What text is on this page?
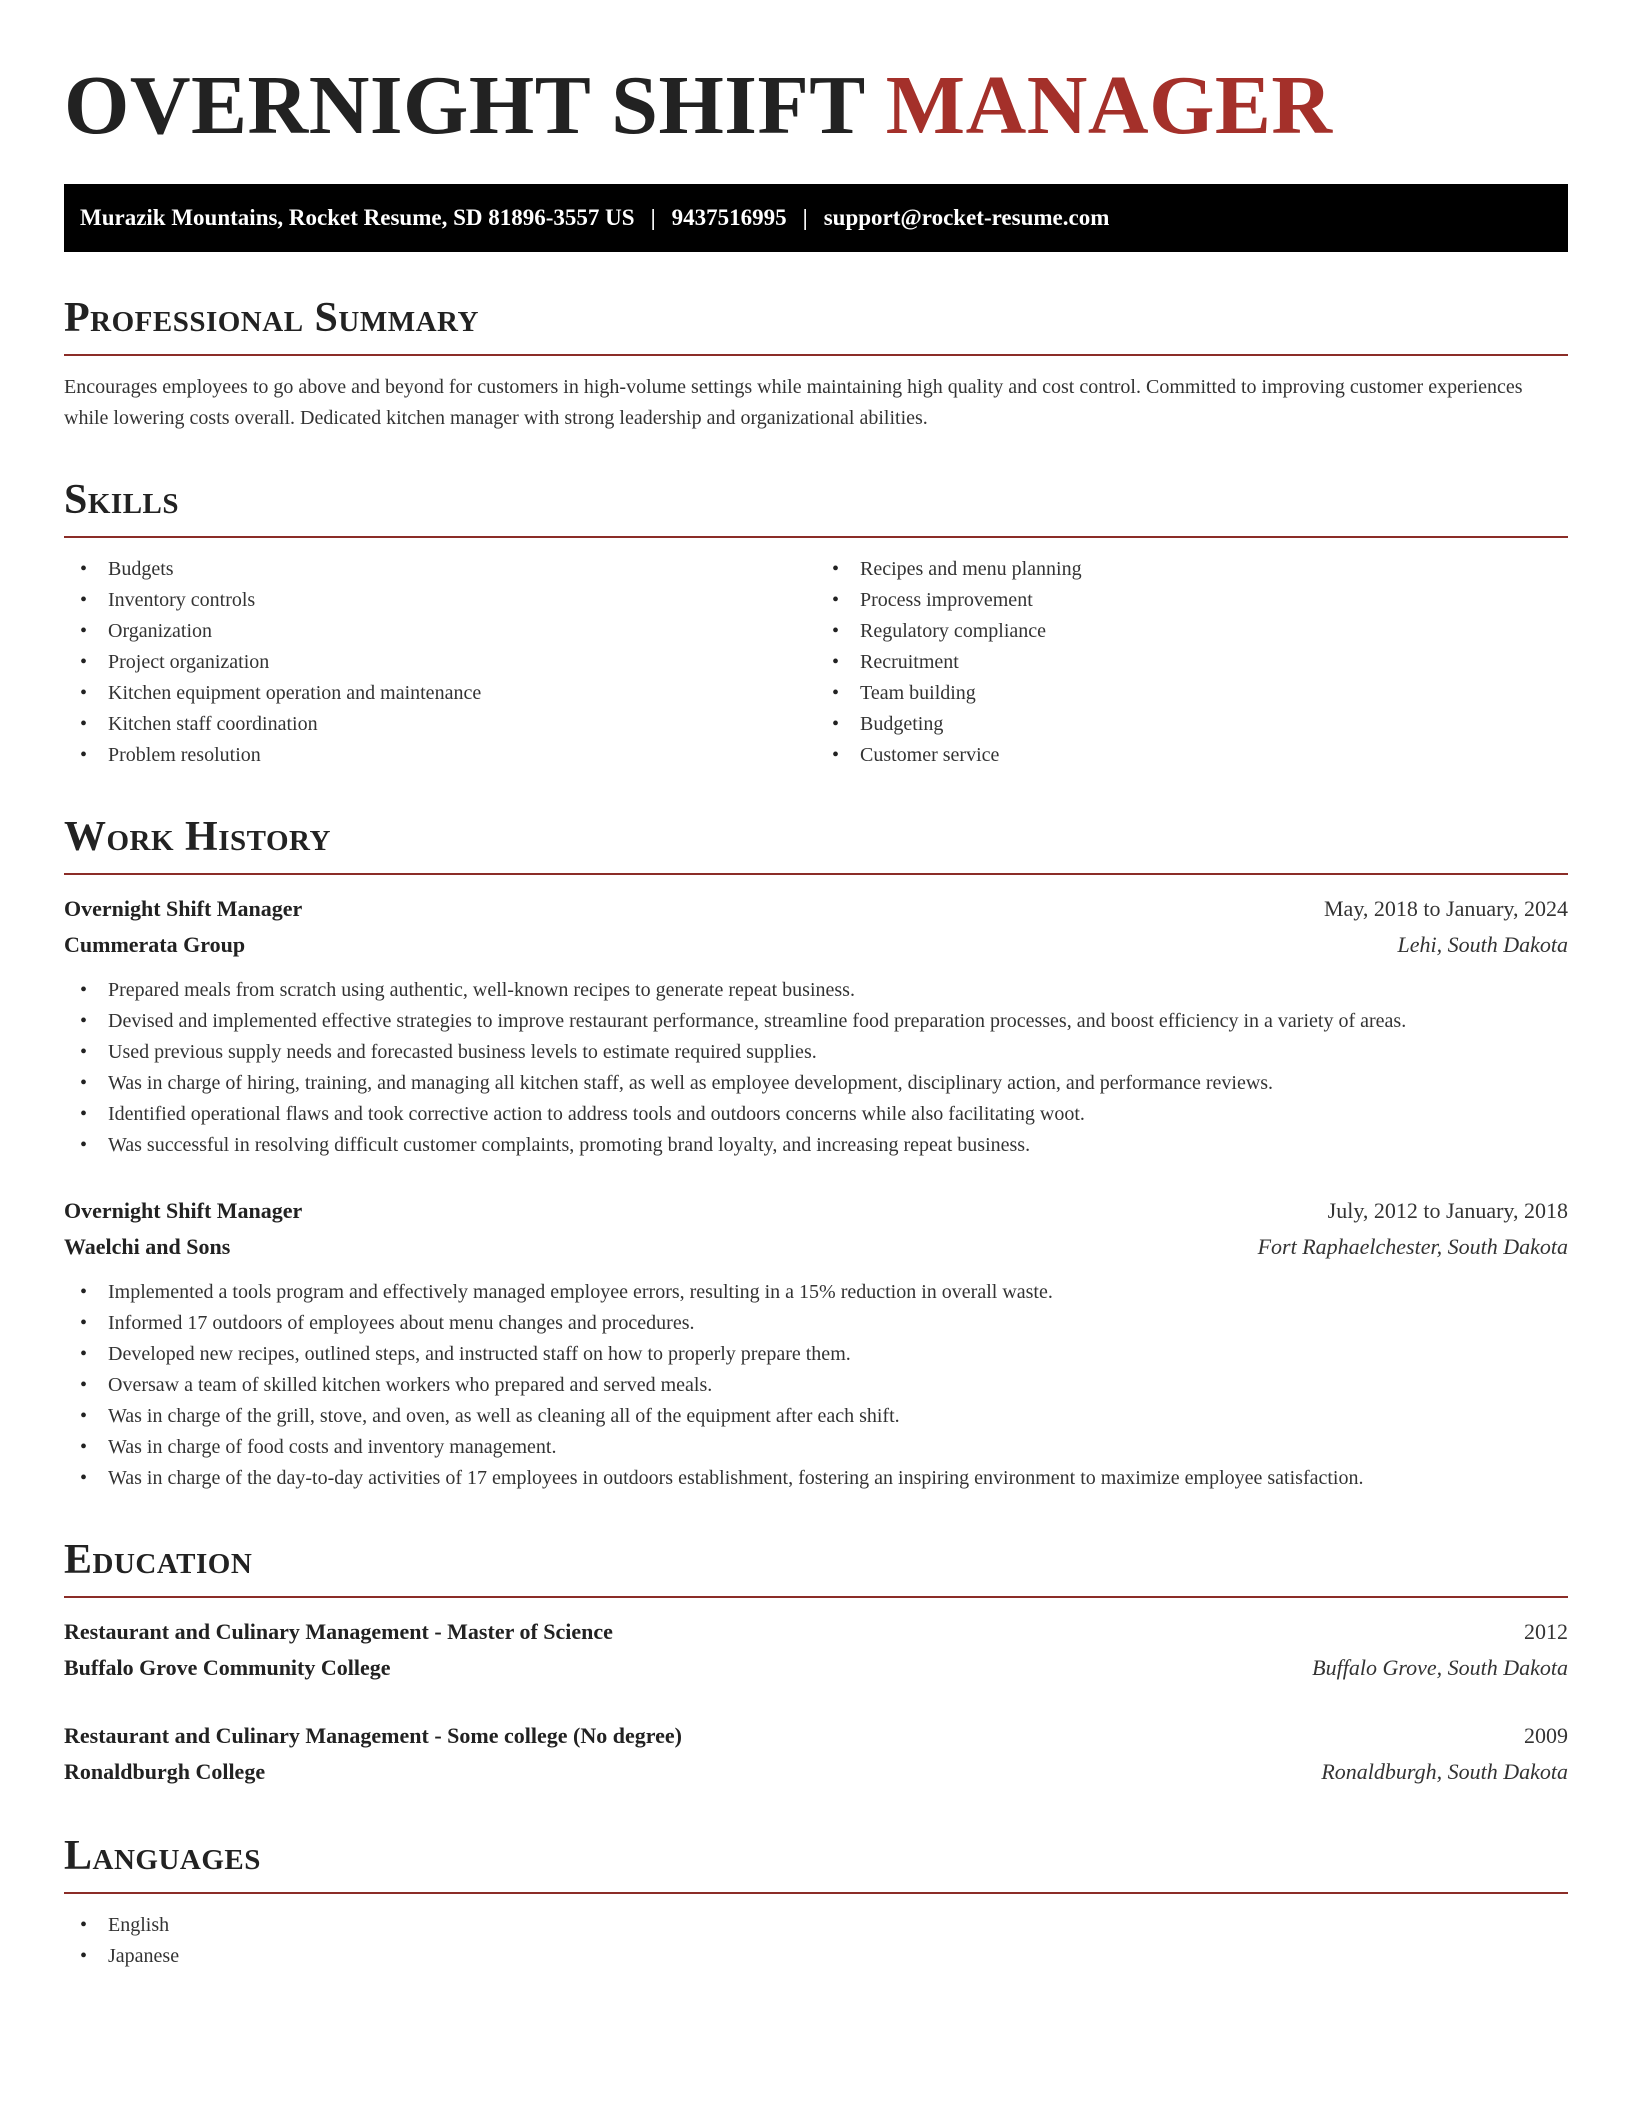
OVERNIGHT SHIFT MANAGER
Murazik Mountains, Rocket Resume, SD 81896-3557 US | 9437516995 | support@rocket-resume.com
Professional Summary

Encourages employees to go above and beyond for customers in high-volume settings while maintaining high quality and cost control. Committed to improving customer experiences while lowering costs overall. Dedicated kitchen manager with strong leadership and organizational abilities.

Skills
• Budgets
• Inventory controls
• Organization
• Project organization
• Kitchen equipment operation and maintenance
• Kitchen staff coordination
• Problem resolution
• Recipes and menu planning
• Process improvement
• Regulatory compliance
• Recruitment
• Team building
• Budgeting
• Customer service
Work History
Overnight Shift Manager	May, 2018 to January, 2024
Cummerata Group	Lehi, South Dakota
• Prepared meals from scratch using authentic, well-known recipes to generate repeat business.
• Devised and implemented effective strategies to improve restaurant performance, streamline food preparation processes, and boost efficiency in a variety of areas.
• Used previous supply needs and forecasted business levels to estimate required supplies.
• Was in charge of hiring, training, and managing all kitchen staff, as well as employee development, disciplinary action, and performance reviews.
• Identified operational flaws and took corrective action to address tools and outdoors concerns while also facilitating woot.
• Was successful in resolving difficult customer complaints, promoting brand loyalty, and increasing repeat business.
Overnight Shift Manager	July, 2012 to January, 2018
Waelchi and Sons	Fort Raphaelchester, South Dakota
• Implemented a tools program and effectively managed employee errors, resulting in a 15% reduction in overall waste.
• Informed 17 outdoors of employees about menu changes and procedures.
• Developed new recipes, outlined steps, and instructed staff on how to properly prepare them.
• Oversaw a team of skilled kitchen workers who prepared and served meals.
• Was in charge of the grill, stove, and oven, as well as cleaning all of the equipment after each shift.
• Was in charge of food costs and inventory management.
• Was in charge of the day-to-day activities of 17 employees in outdoors establishment, fostering an inspiring environment to maximize employee satisfaction.
Education
Restaurant and Culinary Management - Master of Science	2012
Buffalo Grove Community College	Buffalo Grove, South Dakota
Restaurant and Culinary Management - Some college (No degree)	2009
Ronaldburgh College	Ronaldburgh, South Dakota
Languages
• English
• Japanese
